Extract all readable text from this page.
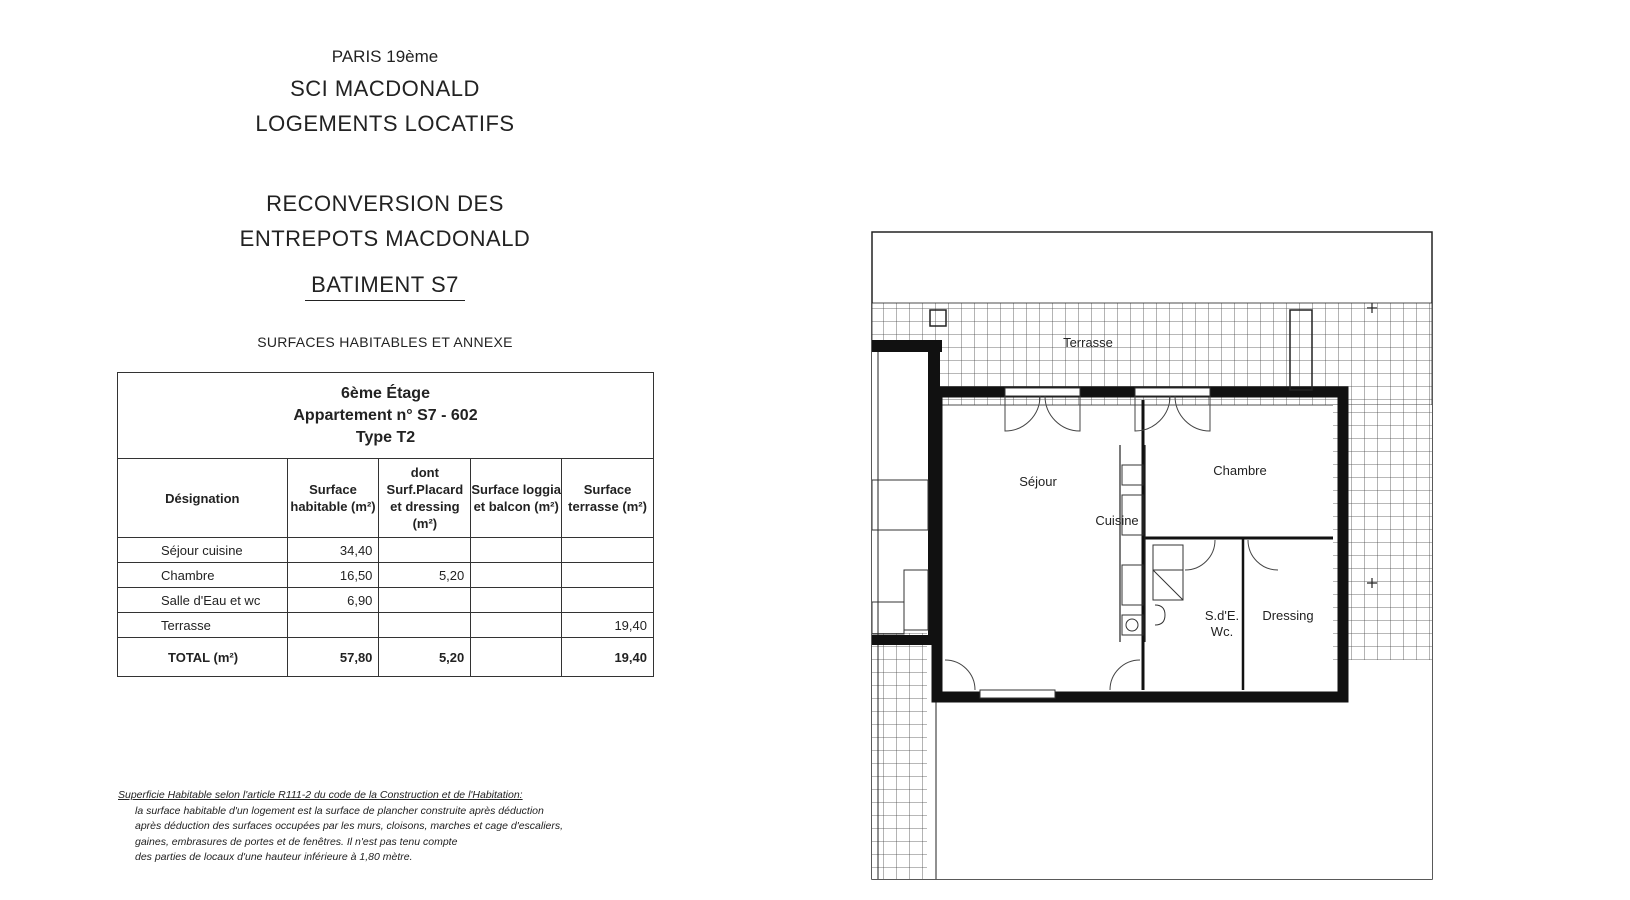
PARIS 19ème
SCI MACDONALD
LOGEMENTS LOCATIFS
RECONVERSION DES
ENTREPOTS MACDONALD
BATIMENT S7
SURFACES HABITABLES ET ANNEXE
6ème Étage
Appartement n° S7 - 602
Type T2				

Désignation	Surface habitable (m²)	dont Surf.Placard et dressing (m²)	Surface loggia et balcon (m²)	Surface terrasse (m²)
Séjour cuisine	34,40			
Chambre	16,50	5,20		
Salle d'Eau et wc	6,90			
Terrasse				19,40
TOTAL (m²)	57,80	5,20		19,40
Superficie Habitable selon l'article R111-2 du code de la Construction et de l'Habitation:
la surface habitable d'un logement est la surface de plancher construite après déduction
après déduction des surfaces occupées par les murs, cloisons, marches et cage d'escaliers,
gaines, embrasures de portes et de fenêtres. Il n'est pas tenu compte
des parties de locaux d'une hauteur inférieure à 1,80 mètre.
Terrasse
Séjour
Cuisine
Chambre
S.d'E.
Wc.
Dressing
